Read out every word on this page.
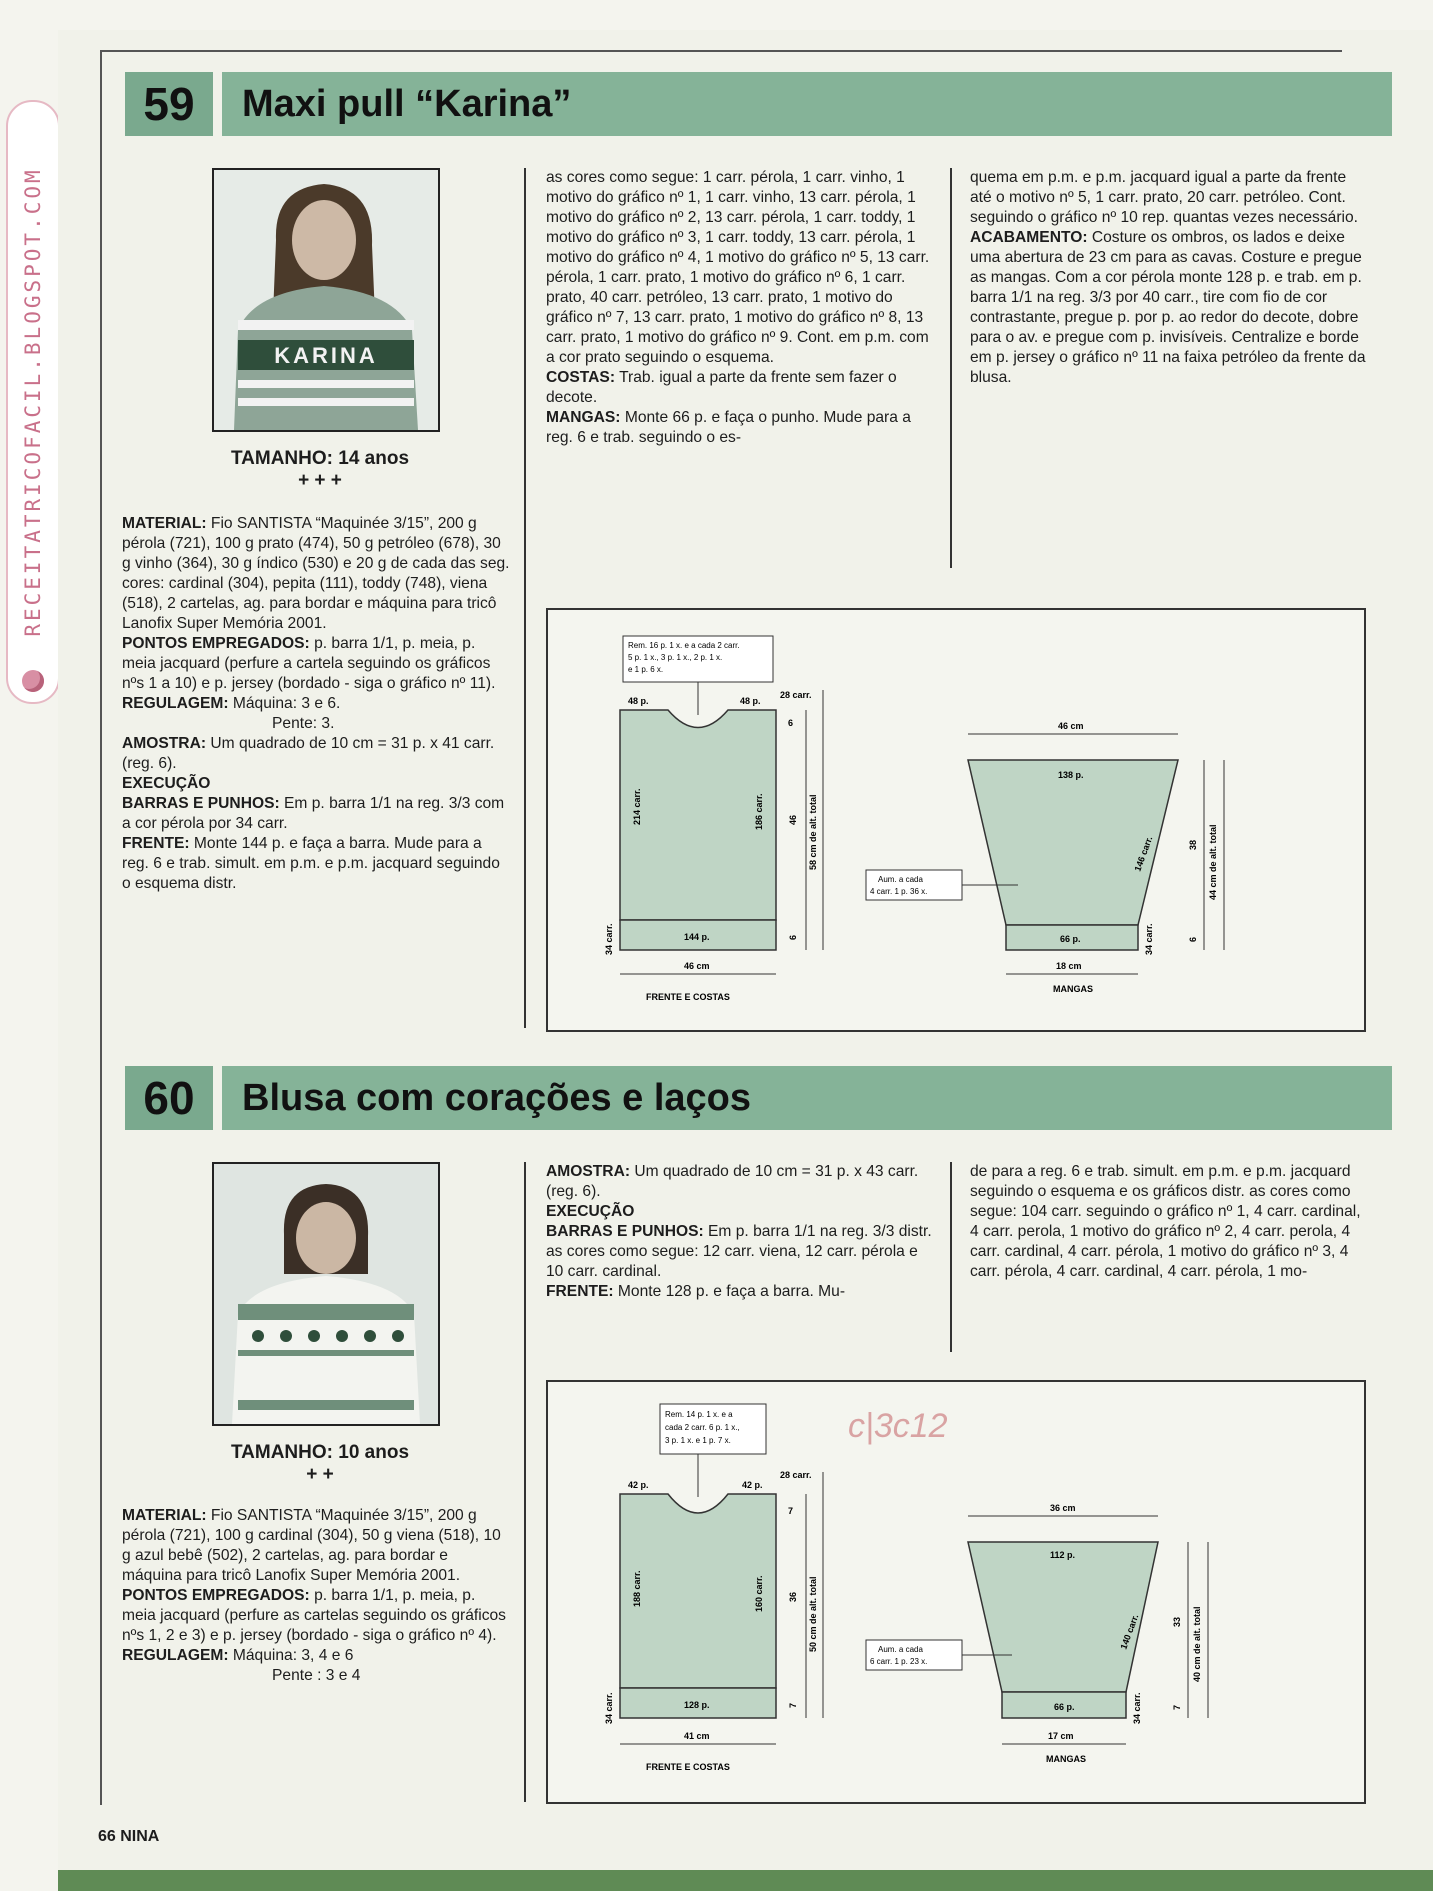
RECEITATRICOFACIL.BLOGSPOT.COM
59	Maxi pull “Karina”
KARINA
TAMANHO: 14 anos
+ + +

MATERIAL: Fio SANTISTA “Maquinée 3/15”, 200 g pérola (721), 100 g prato (474), 50 g petróleo (678), 30 g vinho (364), 30 g índico (530) e 20 g de cada das seg. cores: cardinal (304), pepita (111), toddy (748), viena (518), 2 cartelas, ag. para bordar e máquina para tricô Lanofix Super Memória 2001.

PONTOS EMPREGADOS: p. barra 1/1, p. meia, p. meia jacquard (perfure a cartela seguindo os gráficos nºs 1 a 10) e p. jersey (bordado - siga o gráfico nº 11).

REGULAGEM: Máquina: 3 e 6.

Pente: 3.

AMOSTRA: Um quadrado de 10 cm = 31 p. x 41 carr. (reg. 6).

EXECUÇÃO

BARRAS E PUNHOS: Em p. barra 1/1 na reg. 3/3 com a cor pérola por 34 carr.

FRENTE: Monte 144 p. e faça a barra. Mude para a reg. 6 e trab. simult. em p.m. e p.m. jacquard seguindo o esquema distr.

as cores como segue: 1 carr. pérola, 1 carr. vinho, 1 motivo do gráfico nº 1, 1 carr. vinho, 13 carr. pérola, 1 motivo do gráfico nº 2, 13 carr. pérola, 1 carr. toddy, 1 motivo do gráfico nº 3, 1 carr. toddy, 13 carr. pérola, 1 motivo do gráfico nº 4, 1 motivo do gráfico nº 5, 13 carr. pérola, 1 carr. prato, 1 motivo do gráfico nº 6, 1 carr. prato, 40 carr. petróleo, 13 carr. prato, 1 motivo do gráfico nº 7, 13 carr. prato, 1 motivo do gráfico nº 8, 13 carr. prato, 1 motivo do gráfico nº 9. Cont. em p.m. com a cor prato seguindo o esquema.

COSTAS: Trab. igual a parte da frente sem fazer o decote.

MANGAS: Monte 66 p. e faça o punho. Mude para a reg. 6 e trab. seguindo o es-

quema em p.m. e p.m. jacquard igual a parte da frente até o motivo nº 5, 1 carr. prato, 20 carr. petróleo. Cont. seguindo o gráfico nº 10 rep. quantas vezes necessário.

ACABAMENTO: Costure os ombros, os lados e deixe uma abertura de 23 cm para as cavas. Costure e pregue as mangas. Com a cor pérola monte 128 p. e trab. em p. barra 1/1 na reg. 3/3 por 40 carr., tire com fio de cor contrastante, pregue p. por p. ao redor do decote, dobre para o av. e pregue com p. invisíveis. Centralize e borde em p. jersey o gráfico nº 11 na faixa petróleo da frente da blusa.

Rem. 16 p. 1 x. e a cada 2 carr.
5 p. 1 x., 3 p. 1 x., 2 p. 1 x.
e 1 p. 6 x.
48 p.	48 p.
28 carr.
6
214 carr.	186 carr.	46 58 cm de alt. total
6
34 carr.	144 p.
46 cm
FRENTE E COSTAS
46 cm
138 p.
146 carr.	38 44 cm de alt. total
Aum. a cada
4 carr. 1 p. 36 x.
66 p.	6
34 carr.
18 cm
MANGAS
60	Blusa com corações e laços
TAMANHO: 10 anos
+ +

MATERIAL: Fio SANTISTA “Maquinée 3/15”, 200 g pérola (721), 100 g cardinal (304), 50 g viena (518), 10 g azul bebê (502), 2 cartelas, ag. para bordar e máquina para tricô Lanofix Super Memória 2001.

PONTOS EMPREGADOS: p. barra 1/1, p. meia, p. meia jacquard (perfure as cartelas seguindo os gráficos nºs 1, 2 e 3) e p. jersey (bordado - siga o gráfico nº 4).

REGULAGEM: Máquina: 3, 4 e 6

Pente : 3 e 4

AMOSTRA: Um quadrado de 10 cm = 31 p. x 43 carr. (reg. 6).

EXECUÇÃO

BARRAS E PUNHOS: Em p. barra 1/1 na reg. 3/3 distr. as cores como segue: 12 carr. viena, 12 carr. pérola e 10 carr. cardinal.

FRENTE: Monte 128 p. e faça a barra. Mu-

de para a reg. 6 e trab. simult. em p.m. e p.m. jacquard seguindo o esquema e os gráficos distr. as cores como segue: 104 carr. seguindo o gráfico nº 1, 4 carr. cardinal, 4 carr. perola, 1 motivo do gráfico nº 2, 4 carr. perola, 4 carr. cardinal, 4 carr. pérola, 1 motivo do gráfico nº 3, 4 carr. pérola, 4 carr. cardinal, 4 carr. pérola, 1 mo-

c|3c12
Rem. 14 p. 1 x. e a
cada 2 carr. 6 p. 1 x.,
3 p. 1 x. e 1 p. 7 x.
42 p.	42 p.
28 carr.
7
188 carr.	160 carr.	36 50 cm de alt. total
7
34 carr.	128 p.
41 cm
FRENTE E COSTAS
36 cm
112 p.
140 carr.	33 40 cm de alt. total
Aum. a cada
6 carr. 1 p. 23 x.
66 p.	7
34 carr.
17 cm
MANGAS
66 NINA
